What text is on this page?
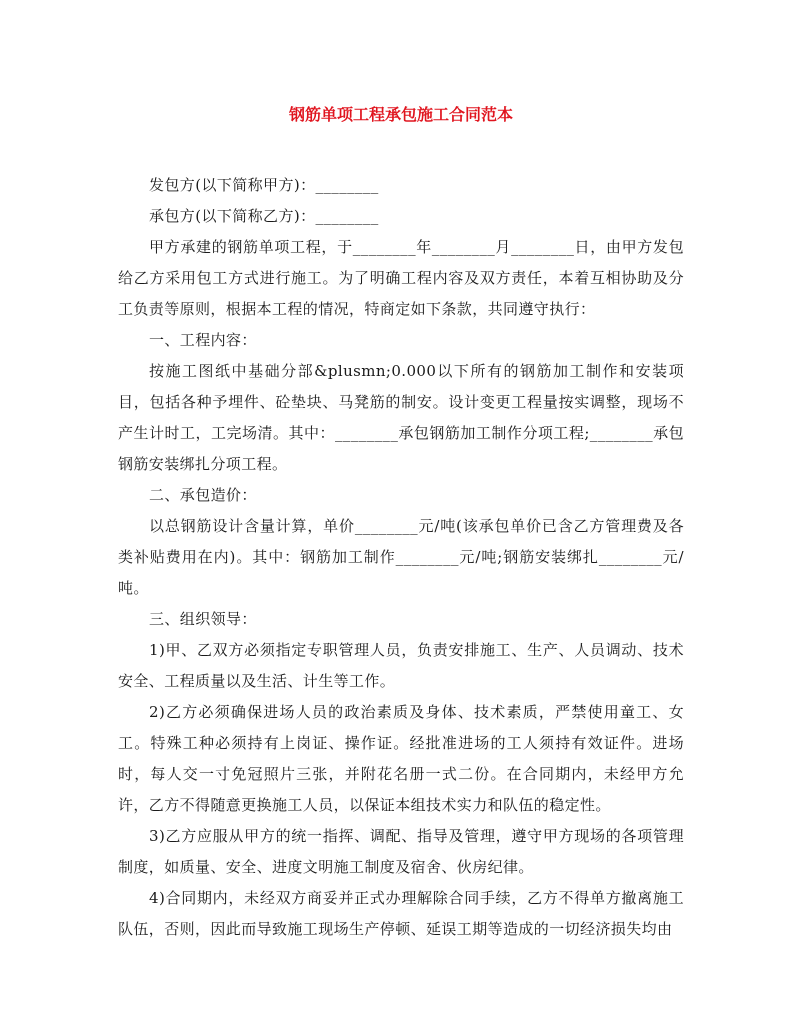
钢筋单项工程承包施工合同范本

发包方(以下简称甲方)：________

承包方(以下简称乙方)：________

甲方承建的钢筋单项工程，于________年________月________日，由甲方发包给乙方采用包工方式进行施工。为了明确工程内容及双方责任，本着互相协助及分工负责等原则，根据本工程的情况，特商定如下条款，共同遵守执行：

一、工程内容：

按施工图纸中基础分部&plusmn;0.000以下所有的钢筋加工制作和安装项目，包括各种予埋件、砼垫块、马凳筋的制安。设计变更工程量按实调整，现场不产生计时工，工完场清。其中：________承包钢筋加工制作分项工程;________承包钢筋安装绑扎分项工程。

二、承包造价：

以总钢筋设计含量计算，单价________元/吨(该承包单价已含乙方管理费及各类补贴费用在内)。其中：钢筋加工制作________元/吨;钢筋安装绑扎________元/吨。

三、组织领导：

1)甲、乙双方必须指定专职管理人员，负责安排施工、生产、人员调动、技术安全、工程质量以及生活、计生等工作。

2)乙方必须确保进场人员的政治素质及身体、技术素质，严禁使用童工、女工。特殊工种必须持有上岗证、操作证。经批准进场的工人须持有效证件。进场时，每人交一寸免冠照片三张，并附花名册一式二份。在合同期内，未经甲方允许，乙方不得随意更换施工人员，以保证本组技术实力和队伍的稳定性。

3)乙方应服从甲方的统一指挥、调配、指导及管理，遵守甲方现场的各项管理制度，如质量、安全、进度文明施工制度及宿舍、伙房纪律。

4)合同期内，未经双方商妥并正式办理解除合同手续，乙方不得单方撤离施工队伍，否则，因此而导致施工现场生产停顿、延误工期等造成的一切经济损失均由
